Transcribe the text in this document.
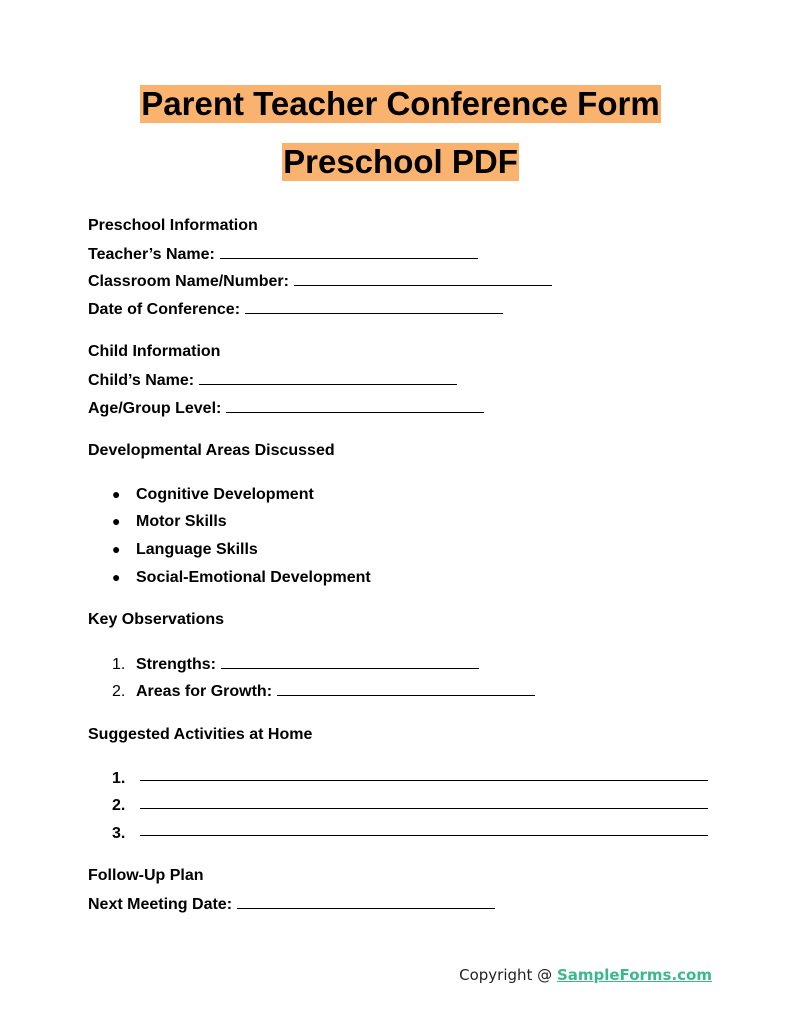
Parent Teacher Conference Form
Preschool PDF
Preschool Information
Teacher’s Name:
Classroom Name/Number:
Date of Conference:
Child Information
Child’s Name:
Age/Group Level:
Developmental Areas Discussed
● Cognitive Development
● Motor Skills
● Language Skills
● Social-Emotional Development
Key Observations
1. Strengths:
2. Areas for Growth:
Suggested Activities at Home
1.
2.
3.
Follow-Up Plan
Next Meeting Date:
Copyright @ SampleForms.com
